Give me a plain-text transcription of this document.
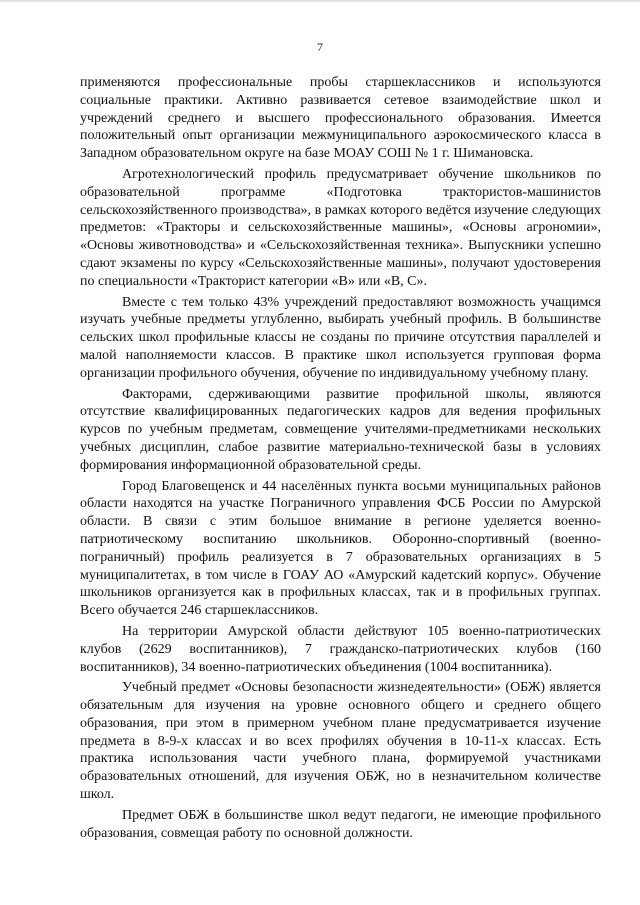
7

применяются профессиональные пробы старшеклассников и используются социальные практики. Активно развивается сетевое взаимодействие школ и учреждений среднего и высшего профессионального образования. Имеется положительный опыт организации межмуниципального аэрокосмического класса в Западном образовательном округе на базе МОАУ СОШ № 1 г. Шимановска.

Агротехнологический профиль предусматривает обучение школьников по образовательной программе «Подготовка трактористов-машинистов сельскохозяйственного производства», в рамках которого ведётся изучение следующих предметов: «Тракторы и сельскохозяйственные машины», «Основы агрономии», «Основы животноводства» и «Сельскохозяйственная техника». Выпускники успешно сдают экзамены по курсу «Сельскохозяйственные машины», получают удостоверения по специальности «Тракторист категории «В» или «В, С».

Вместе с тем только 43% учреждений предоставляют возможность учащимся изучать учебные предметы углубленно, выбирать учебный профиль. В большинстве сельских школ профильные классы не созданы по причине отсутствия параллелей и малой наполняемости классов. В практике школ используется групповая форма организации профильного обучения, обучение по индивидуальному учебному плану.

Факторами, сдерживающими развитие профильной школы, являются отсутствие квалифицированных педагогических кадров для ведения профильных курсов по учебным предметам, совмещение учителями-предметниками нескольких учебных дисциплин, слабое развитие материально-технической базы в условиях формирования информационной образовательной среды.

Город Благовещенск и 44 населённых пункта восьми муниципальных районов области находятся на участке Пограничного управления ФСБ России по Амурской области. В связи с этим большое внимание в регионе уделяется военно-патриотическому воспитанию школьников. Оборонно-спортивный (военно-пограничный) профиль реализуется в 7 образовательных организациях в 5 муниципалитетах, в том числе в ГОАУ АО «Амурский кадетский корпус». Обучение школьников организуется как в профильных классах, так и в профильных группах. Всего обучается 246 старшеклассников.

На территории Амурской области действуют 105 военно-патриотических клубов (2629 воспитанников), 7 гражданско-патриотических клубов (160 воспитанников), 34 военно-патриотических объединения (1004 воспитанника).

Учебный предмет «Основы безопасности жизнедеятельности» (ОБЖ) является обязательным для изучения на уровне основного общего и среднего общего образования, при этом в примерном учебном плане предусматривается изучение предмета в 8-9-х классах и во всех профилях обучения в 10-11-х классах. Есть практика использования части учебного плана, формируемой участниками образовательных отношений, для изучения ОБЖ, но в незначительном количестве школ.

Предмет ОБЖ в большинстве школ ведут педагоги, не имеющие профильного образования, совмещая работу по основной должности.
